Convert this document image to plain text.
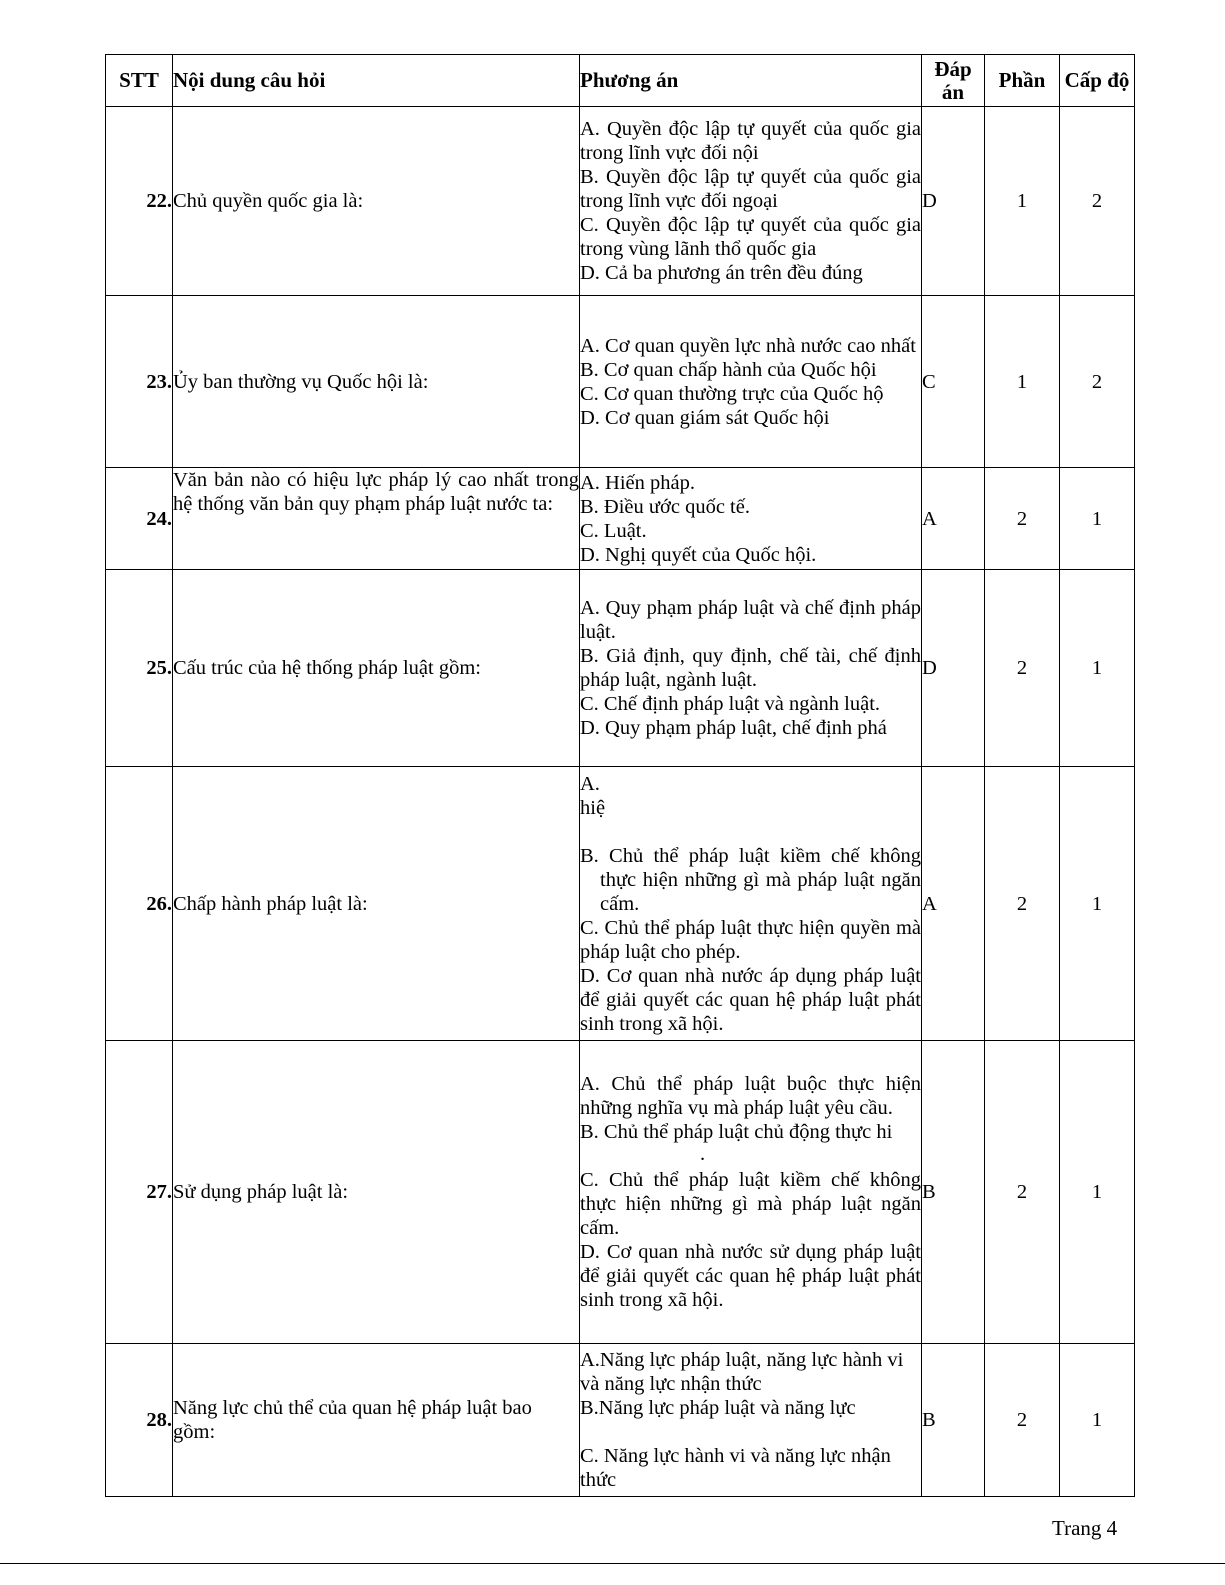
STT	Nội dung câu hỏi	Phương án	Đáp án	Phần	Cấp độ
22.	Chủ quyền quốc gia là:	A. Quyền độc lập tự quyết của quốc gia trong lĩnh vực đối nội
B. Quyền độc lập tự quyết của quốc gia trong lĩnh vực đối ngoại
C. Quyền độc lập tự quyết của quốc gia trong vùng lãnh thổ quốc gia
D. Cả ba phương án trên đều đúng	D	1	2
23.	Ủy ban thường vụ Quốc hội là:	A. Cơ quan quyền lực nhà nước cao nhất
B. Cơ quan chấp hành của Quốc hội
C. Cơ quan thường trực của Quốc hộ
D. Cơ quan giám sát Quốc hội	C	1	2
24.	Văn bản nào có hiệu lực pháp lý cao nhất trong hệ thống văn bản quy phạm pháp luật nước ta:	A. Hiến pháp.
B. Điều ước quốc tế.
C. Luật.
D. Nghị quyết của Quốc hội.	A	2	1
25.	Cấu trúc của hệ thống pháp luật gồm:	A. Quy phạm pháp luật và chế định pháp luật.
B. Giả định, quy định, chế tài, chế định pháp luật, ngành luật.
C. Chế định pháp luật và ngành luật.
D. Quy phạm pháp luật, chế định phá	D	2	1
26.	Chấp hành pháp luật là:	A.
hiệ
B. Chủ thể pháp luật kiềm chế không thực hiện những gì mà pháp luật ngăn cấm.
C. Chủ thể pháp luật thực hiện quyền mà pháp luật cho phép.
D. Cơ quan nhà nước áp dụng pháp luật để giải quyết các quan hệ pháp luật phát sinh trong xã hội.	A	2	1
27.	Sử dụng pháp luật là:	A. Chủ thể pháp luật buộc thực hiện những nghĩa vụ mà pháp luật yêu cầu.
B. Chủ thể pháp luật chủ động thực hi
.
C. Chủ thể pháp luật kiềm chế không thực hiện những gì mà pháp luật ngăn cấm.
D. Cơ quan nhà nước sử dụng pháp luật để giải quyết các quan hệ pháp luật phát sinh trong xã hội.	B	2	1
28.	Năng lực chủ thể của quan hệ pháp luật bao gồm:	A.Năng lực pháp luật, năng lực hành vi và năng lực nhận thức
B.Năng lực pháp luật và năng lực
C. Năng lực hành vi và năng lực nhận thức	B	2	1
Trang 4
